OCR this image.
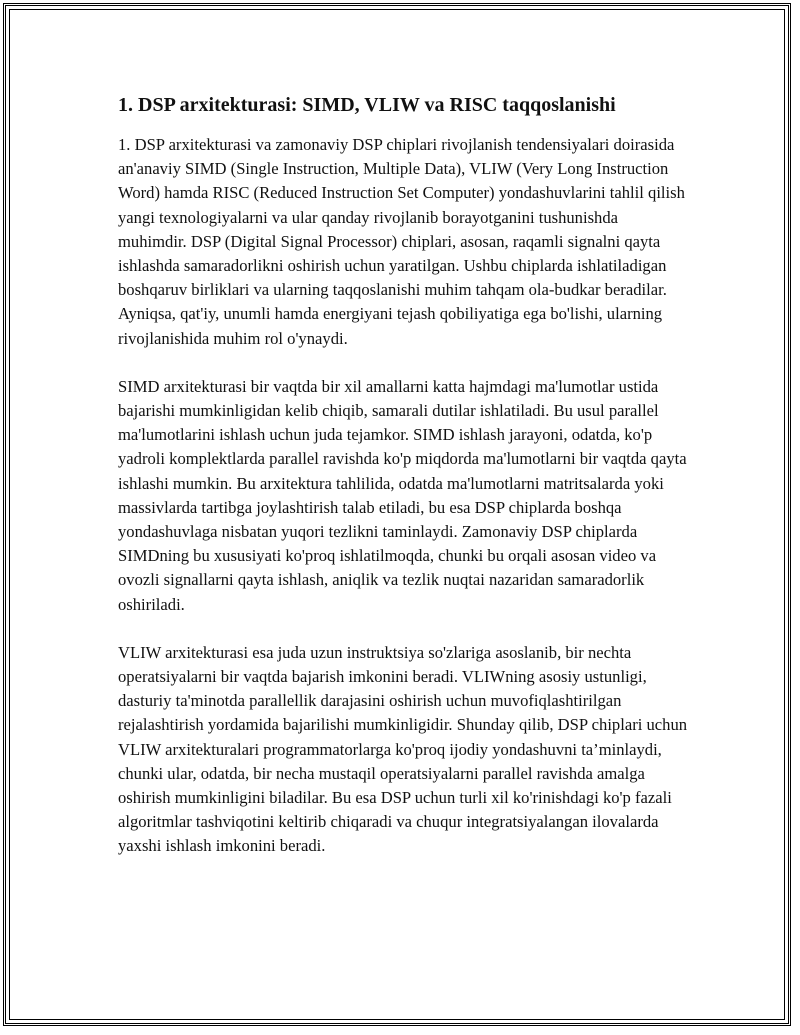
1. DSP arxitekturasi: SIMD, VLIW va RISC taqqoslanishi

1. DSP arxitekturasi va zamonaviy DSP chiplari rivojlanish tendensiyalari doirasida an'anaviy SIMD (Single Instruction, Multiple Data), VLIW (Very Long Instruction Word) hamda RISC (Reduced Instruction Set Computer) yondashuvlarini tahlil qilish yangi texnologiyalarni va ular qanday rivojlanib borayotganini tushunishda muhimdir. DSP (Digital Signal Processor) chiplari, asosan, raqamli signalni qayta ishlashda samaradorlikni oshirish uchun yaratilgan. Ushbu chiplarda ishlatiladigan boshqaruv birliklari va ularning taqqoslanishi muhim tahqam ola-budkar beradilar. Ayniqsa, qat'iy, unumli hamda energiyani tejash qobiliyatiga ega bo'lishi, ularning rivojlanishida muhim rol o'ynaydi.

SIMD arxitekturasi bir vaqtda bir xil amallarni katta hajmdagi ma'lumotlar ustida bajarishi mumkinligidan kelib chiqib, samarali dutilar ishlatiladi. Bu usul parallel ma'lumotlarini ishlash uchun juda tejamkor. SIMD ishlash jarayoni, odatda, ko'p yadroli komplektlarda parallel ravishda ko'p miqdorda ma'lumotlarni bir vaqtda qayta ishlashi mumkin. Bu arxitektura tahlilida, odatda ma'lumotlarni matritsalarda yoki massivlarda tartibga joylashtirish talab etiladi, bu esa DSP chiplarda boshqa yondashuvlaga nisbatan yuqori tezlikni taminlaydi. Zamonaviy DSP chiplarda SIMDning bu xususiyati ko'proq ishlatilmoqda, chunki bu orqali asosan video va ovozli signallarni qayta ishlash, aniqlik va tezlik nuqtai nazaridan samaradorlik oshiriladi.

VLIW arxitekturasi esa juda uzun instruktsiya so'zlariga asoslanib, bir nechta operatsiyalarni bir vaqtda bajarish imkonini beradi. VLIWning asosiy ustunligi, dasturiy ta'minotda parallellik darajasini oshirish uchun muvofiqlashtirilgan rejalashtirish yordamida bajarilishi mumkinligidir. Shunday qilib, DSP chiplari uchun VLIW arxitekturalari programmatorlarga ko'proq ijodiy yondashuvni ta’minlaydi, chunki ular, odatda, bir necha mustaqil operatsiyalarni parallel ravishda amalga oshirish mumkinligini biladilar. Bu esa DSP uchun turli xil ko'rinishdagi ko'p fazali algoritmlar tashviqotini keltirib chiqaradi va chuqur integratsiyalangan ilovalarda yaxshi ishlash imkonini beradi.
